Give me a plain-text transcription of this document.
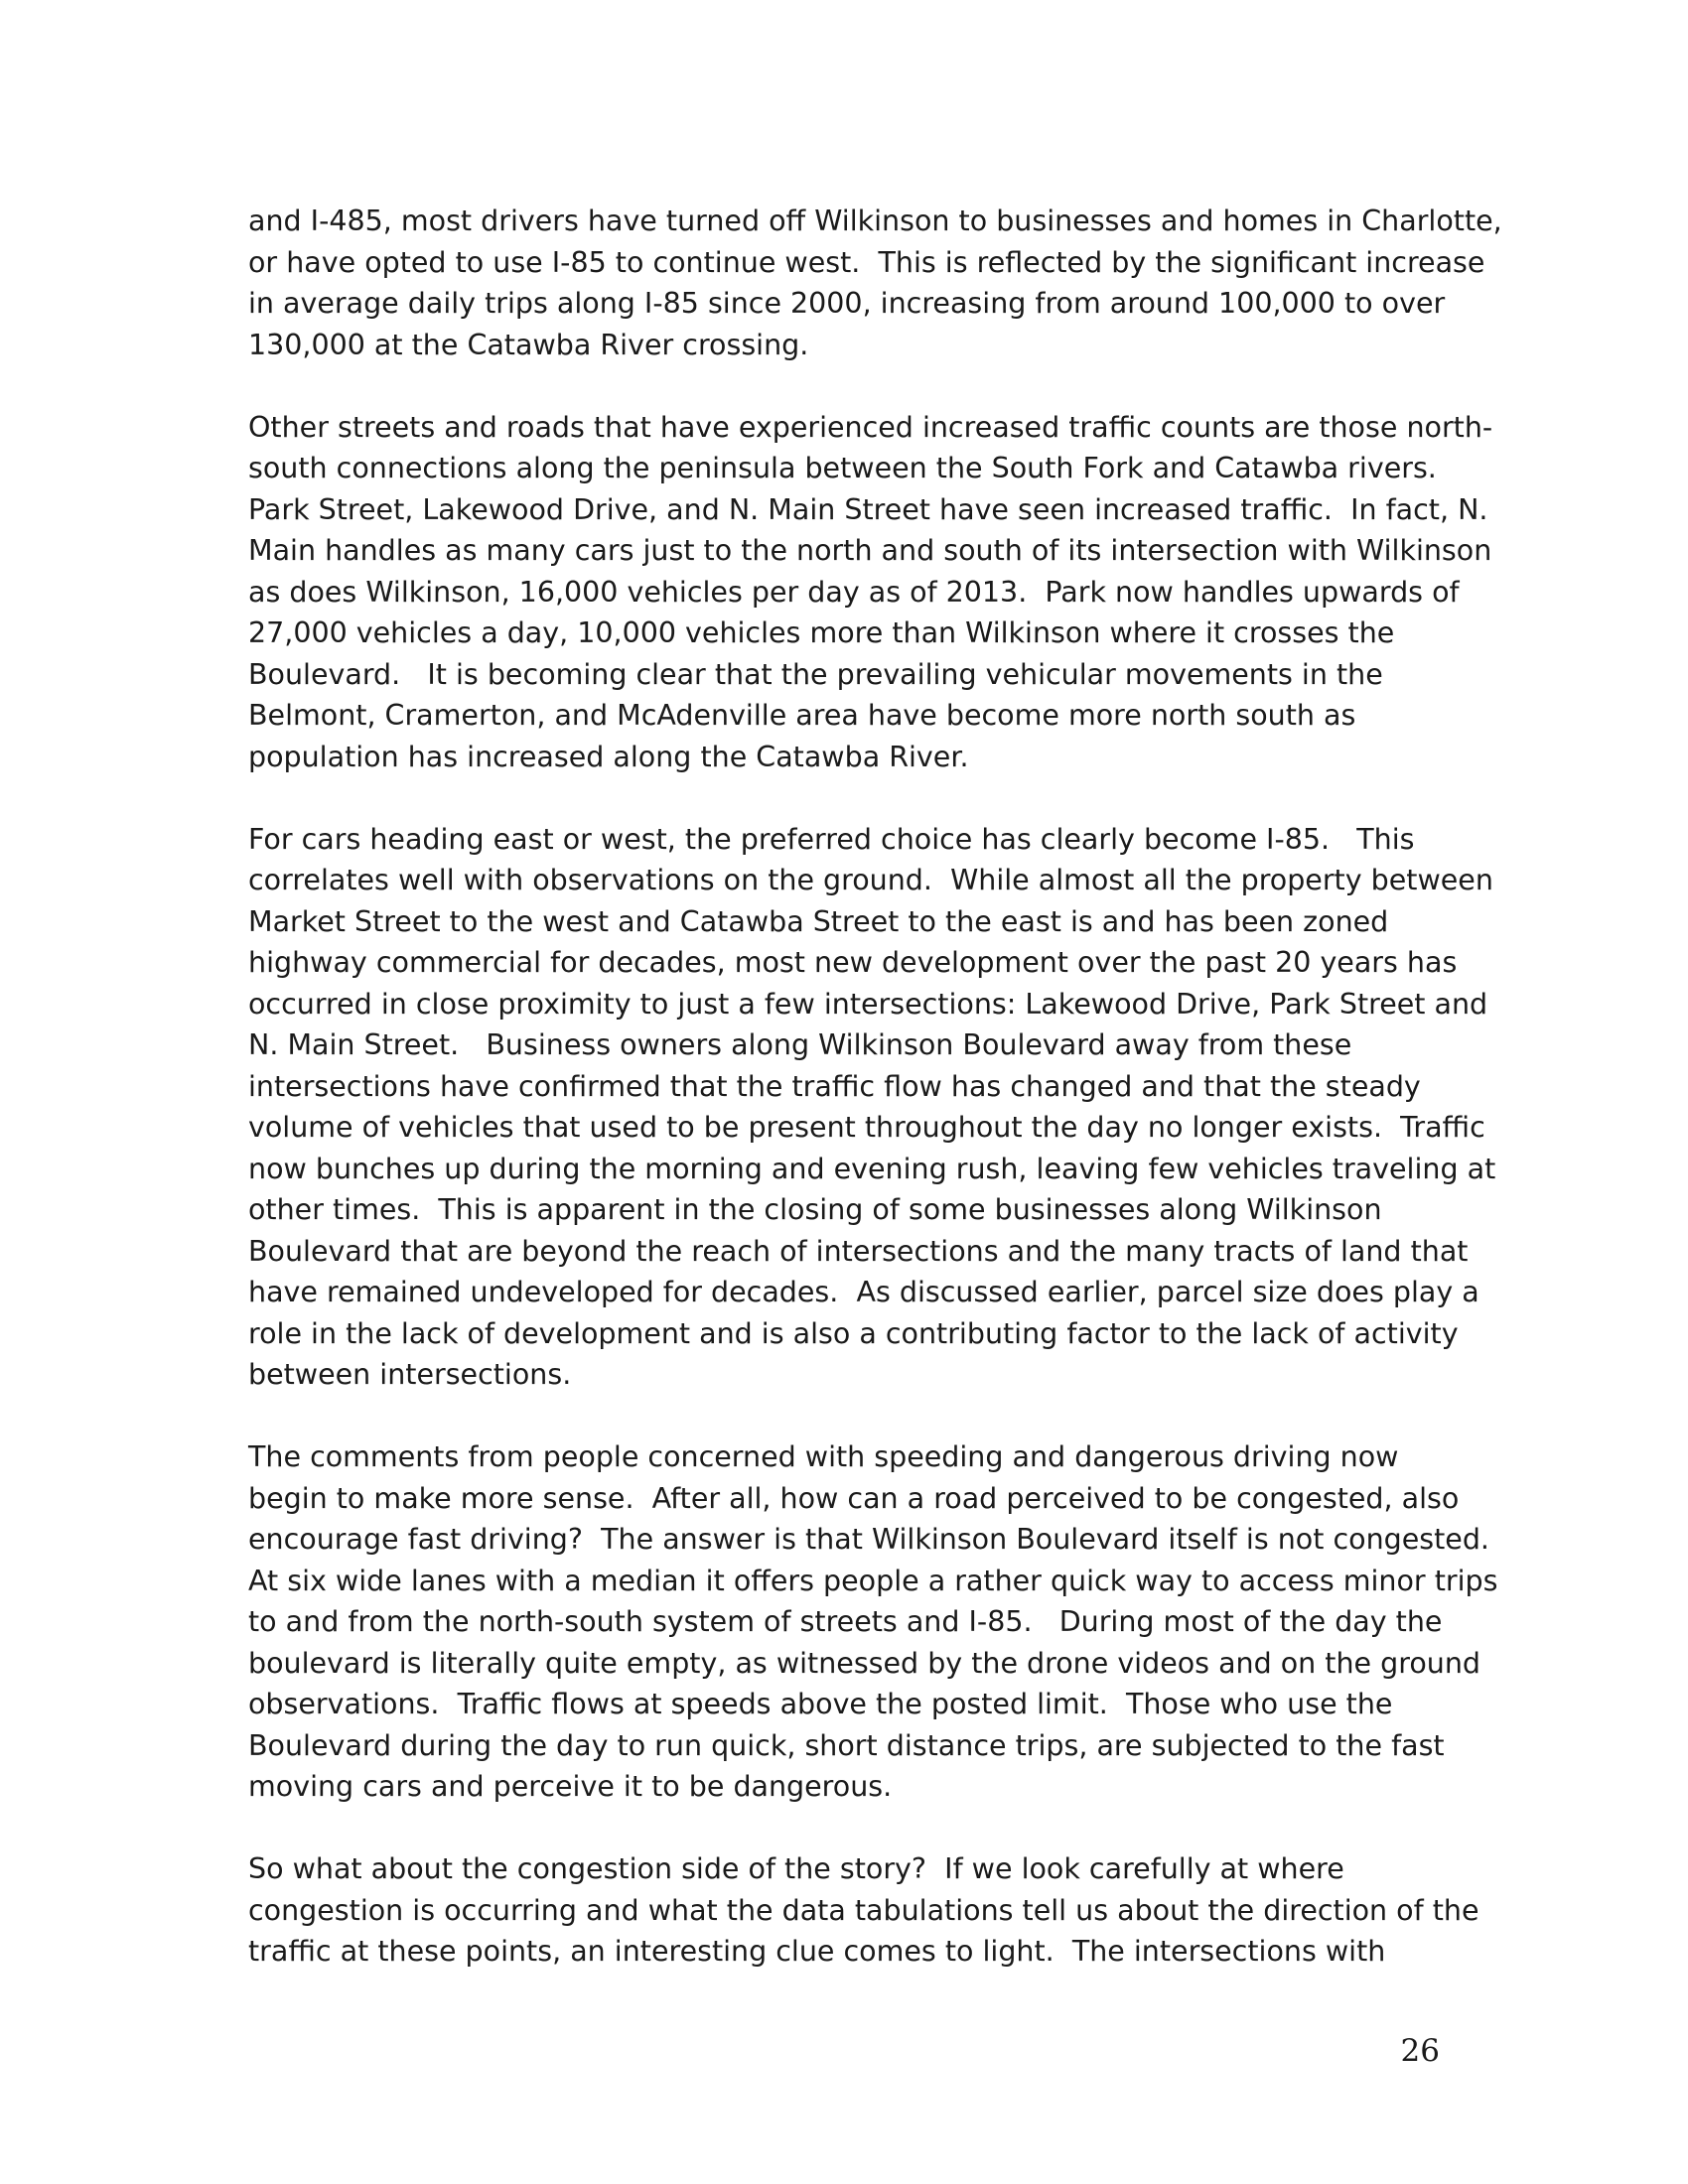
and I-485, most drivers have turned off Wilkinson to businesses and homes in Charlotte,
or have opted to use I-85 to continue west.  This is reflected by the significant increase
in average daily trips along I-85 since 2000, increasing from around 100,000 to over
130,000 at the Catawba River crossing.

Other streets and roads that have experienced increased traffic counts are those north-
south connections along the peninsula between the South Fork and Catawba rivers.
Park Street, Lakewood Drive, and N. Main Street have seen increased traffic.  In fact, N.
Main handles as many cars just to the north and south of its intersection with Wilkinson
as does Wilkinson, 16,000 vehicles per day as of 2013.  Park now handles upwards of
27,000 vehicles a day, 10,000 vehicles more than Wilkinson where it crosses the
Boulevard.   It is becoming clear that the prevailing vehicular movements in the
Belmont, Cramerton, and McAdenville area have become more north south as
population has increased along the Catawba River.

For cars heading east or west, the preferred choice has clearly become I-85.   This
correlates well with observations on the ground.  While almost all the property between
Market Street to the west and Catawba Street to the east is and has been zoned
highway commercial for decades, most new development over the past 20 years has
occurred in close proximity to just a few intersections: Lakewood Drive, Park Street and
N. Main Street.   Business owners along Wilkinson Boulevard away from these
intersections have confirmed that the traffic flow has changed and that the steady
volume of vehicles that used to be present throughout the day no longer exists.  Traffic
now bunches up during the morning and evening rush, leaving few vehicles traveling at
other times.  This is apparent in the closing of some businesses along Wilkinson
Boulevard that are beyond the reach of intersections and the many tracts of land that
have remained undeveloped for decades.  As discussed earlier, parcel size does play a
role in the lack of development and is also a contributing factor to the lack of activity
between intersections.

The comments from people concerned with speeding and dangerous driving now
begin to make more sense.  After all, how can a road perceived to be congested, also
encourage fast driving?  The answer is that Wilkinson Boulevard itself is not congested.
At six wide lanes with a median it offers people a rather quick way to access minor trips
to and from the north-south system of streets and I-85.   During most of the day the
boulevard is literally quite empty, as witnessed by the drone videos and on the ground
observations.  Traffic flows at speeds above the posted limit.  Those who use the
Boulevard during the day to run quick, short distance trips, are subjected to the fast
moving cars and perceive it to be dangerous.

So what about the congestion side of the story?  If we look carefully at where
congestion is occurring and what the data tabulations tell us about the direction of the
traffic at these points, an interesting clue comes to light.  The intersections with

26
